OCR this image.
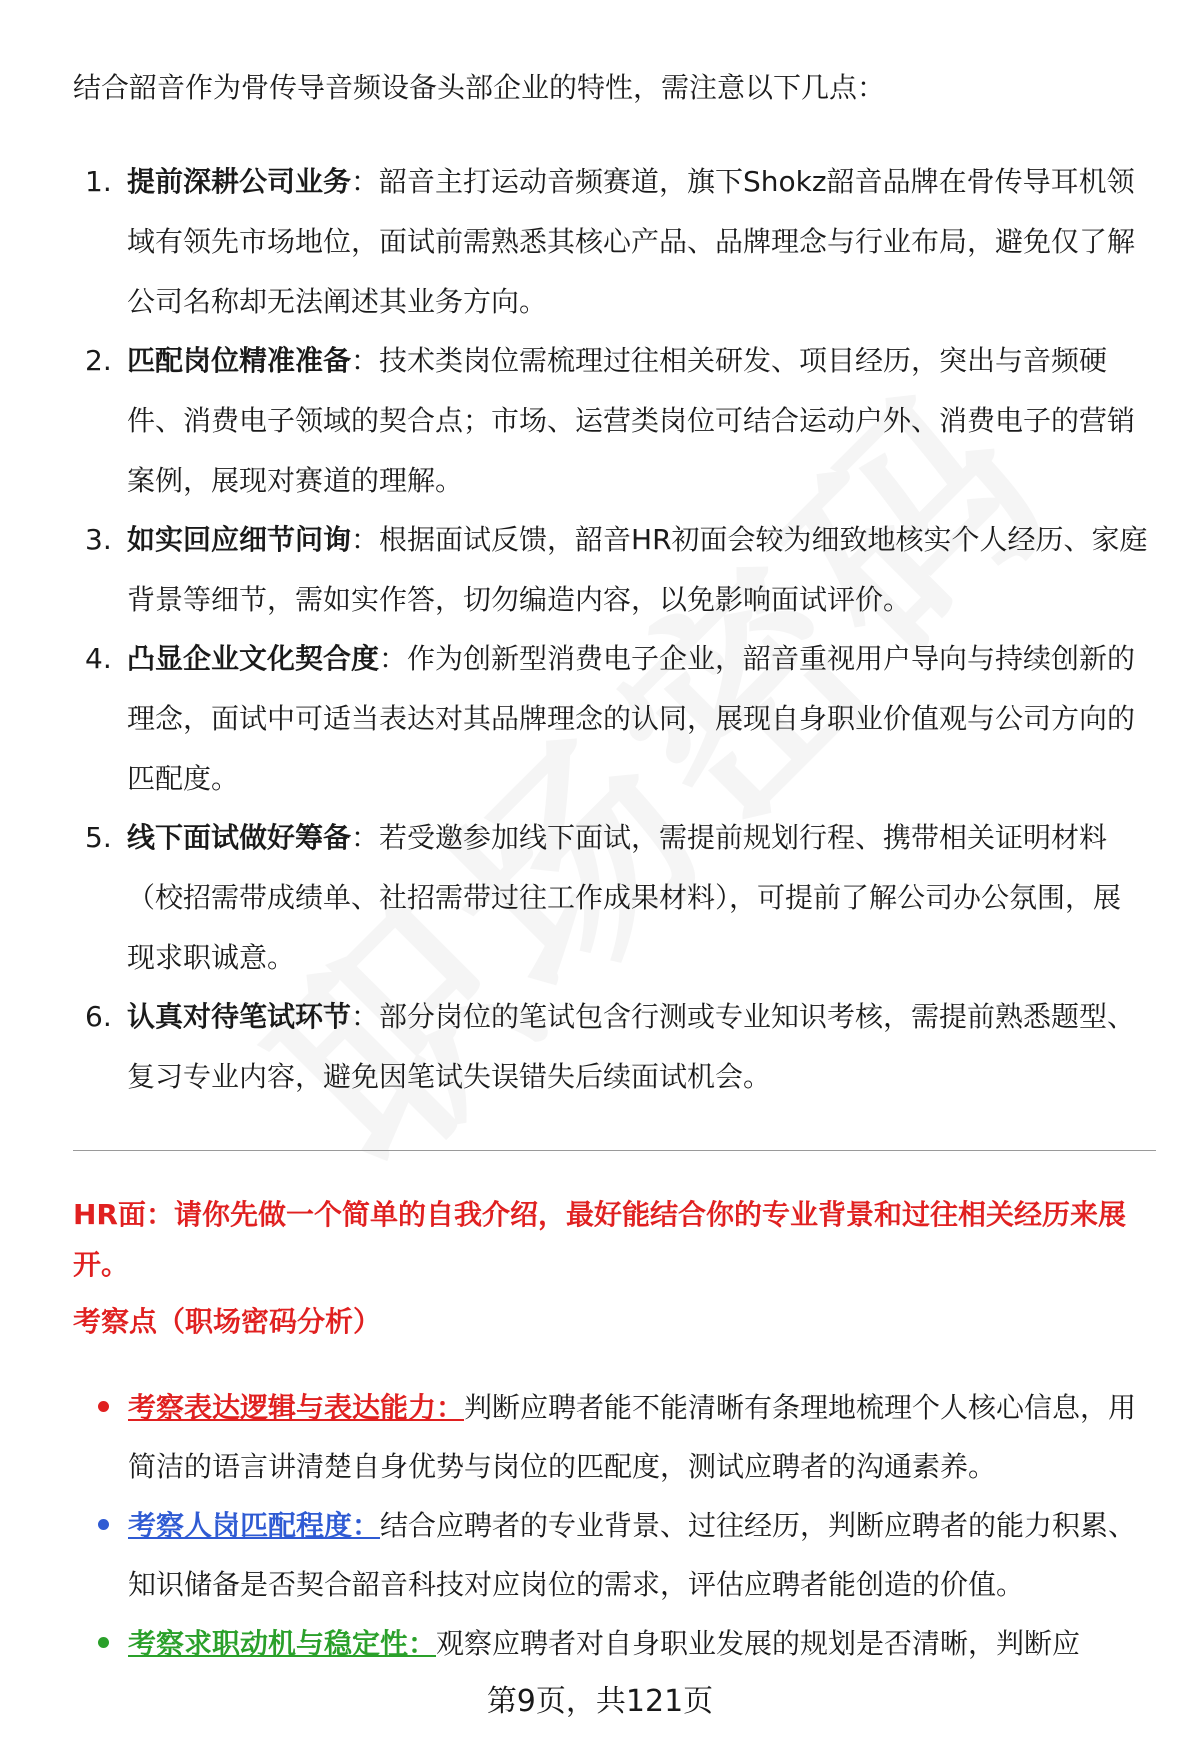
结合韶音作为骨传导音频设备头部企业的特性，需注意以下几点：
1. 提前深耕公司业务：韶音主打运动音频赛道，旗下Shokz韶音品牌在骨传导耳机领域有领先市场地位，面试前需熟悉其核心产品、品牌理念与行业布局，避免仅了解公司名称却无法阐述其业务方向。
2. 匹配岗位精准准备：技术类岗位需梳理过往相关研发、项目经历，突出与音频硬件、消费电子领域的契合点；市场、运营类岗位可结合运动户外、消费电子的营销案例，展现对赛道的理解。
3. 如实回应细节问询：根据面试反馈，韶音HR初面会较为细致地核实个人经历、家庭背景等细节，需如实作答，切勿编造内容，以免影响面试评价。
4. 凸显企业文化契合度：作为创新型消费电子企业，韶音重视用户导向与持续创新的理念，面试中可适当表达对其品牌理念的认同，展现自身职业价值观与公司方向的匹配度。
5. 线下面试做好筹备：若受邀参加线下面试，需提前规划行程、携带相关证明材料（校招需带成绩单、社招需带过往工作成果材料），可提前了解公司办公氛围，展现求职诚意。
6. 认真对待笔试环节：部分岗位的笔试包含行测或专业知识考核，需提前熟悉题型、复习专业内容，避免因笔试失误错失后续面试机会。
HR面：请你先做一个简单的自我介绍，最好能结合你的专业背景和过往相关经历来展开。
考察点（职场密码分析）
考察表达逻辑与表达能力：判断应聘者能不能清晰有条理地梳理个人核心信息，用简洁的语言讲清楚自身优势与岗位的匹配度，测试应聘者的沟通素养。
考察人岗匹配程度：结合应聘者的专业背景、过往经历，判断应聘者的能力积累、知识储备是否契合韶音科技对应岗位的需求，评估应聘者能创造的价值。
考察求职动机与稳定性：观察应聘者对自身职业发展的规划是否清晰，判断应
第9页，共121页
